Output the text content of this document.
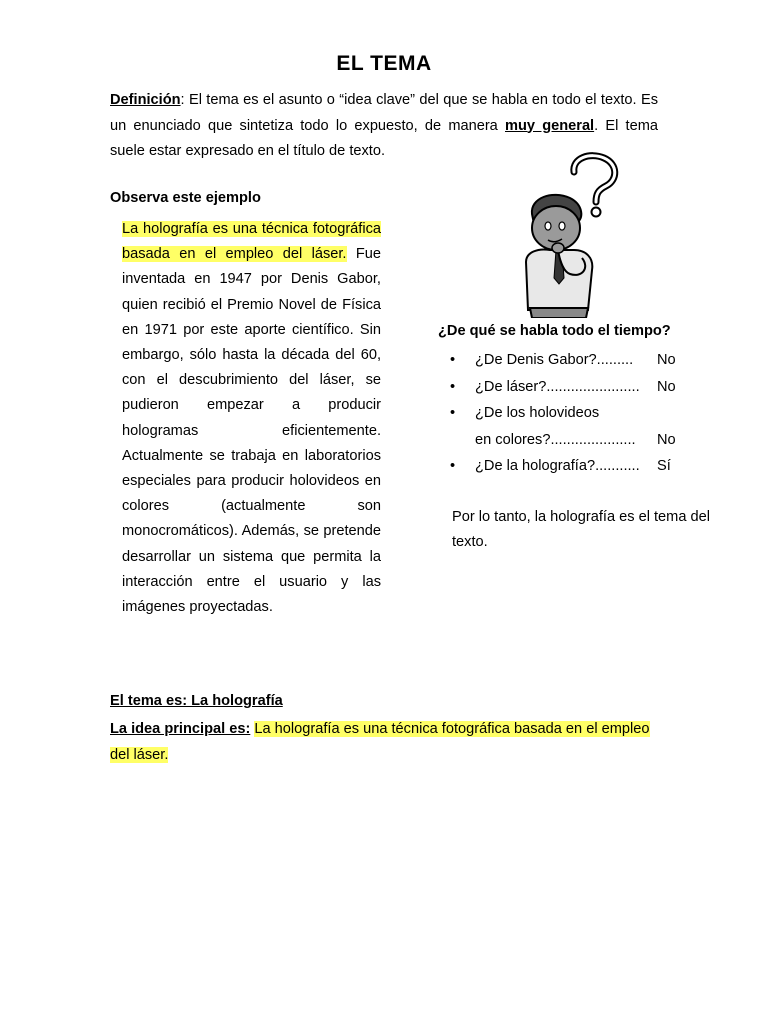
EL TEMA
Definición: El tema es el asunto o “idea clave” del que se habla en todo el texto. Es un enunciado que sintetiza todo lo expuesto, de manera muy general. El tema suele estar expresado en el título de texto.
Observa este ejemplo
La holografía es una técnica fotográfica basada en el empleo del láser. Fue inventada en 1947 por Denis Gabor, quien recibió el Premio Novel de Física en 1971 por este aporte científico. Sin embargo, sólo hasta la década del 60, con el descubrimiento del láser, se pudieron empezar a producir hologramas eficientemente. Actualmente se trabaja en laboratorios especiales para producir holovideos en colores (actualmente son monocromáticos). Además, se pretende desarrollar un sistema que permita la interacción entre el usuario y las imágenes proyectadas.
¿De qué se habla todo el tiempo?
• ¿De Denis Gabor?......... No
• ¿De láser?....................... No
• ¿De los holovideos
en colores?..................... No
• ¿De la holografía?........... Sí
Por lo tanto, la holografía es el tema del texto.
El tema es: La holografía
La idea principal es: La holografía es una técnica fotográfica basada en el empleo del láser.
